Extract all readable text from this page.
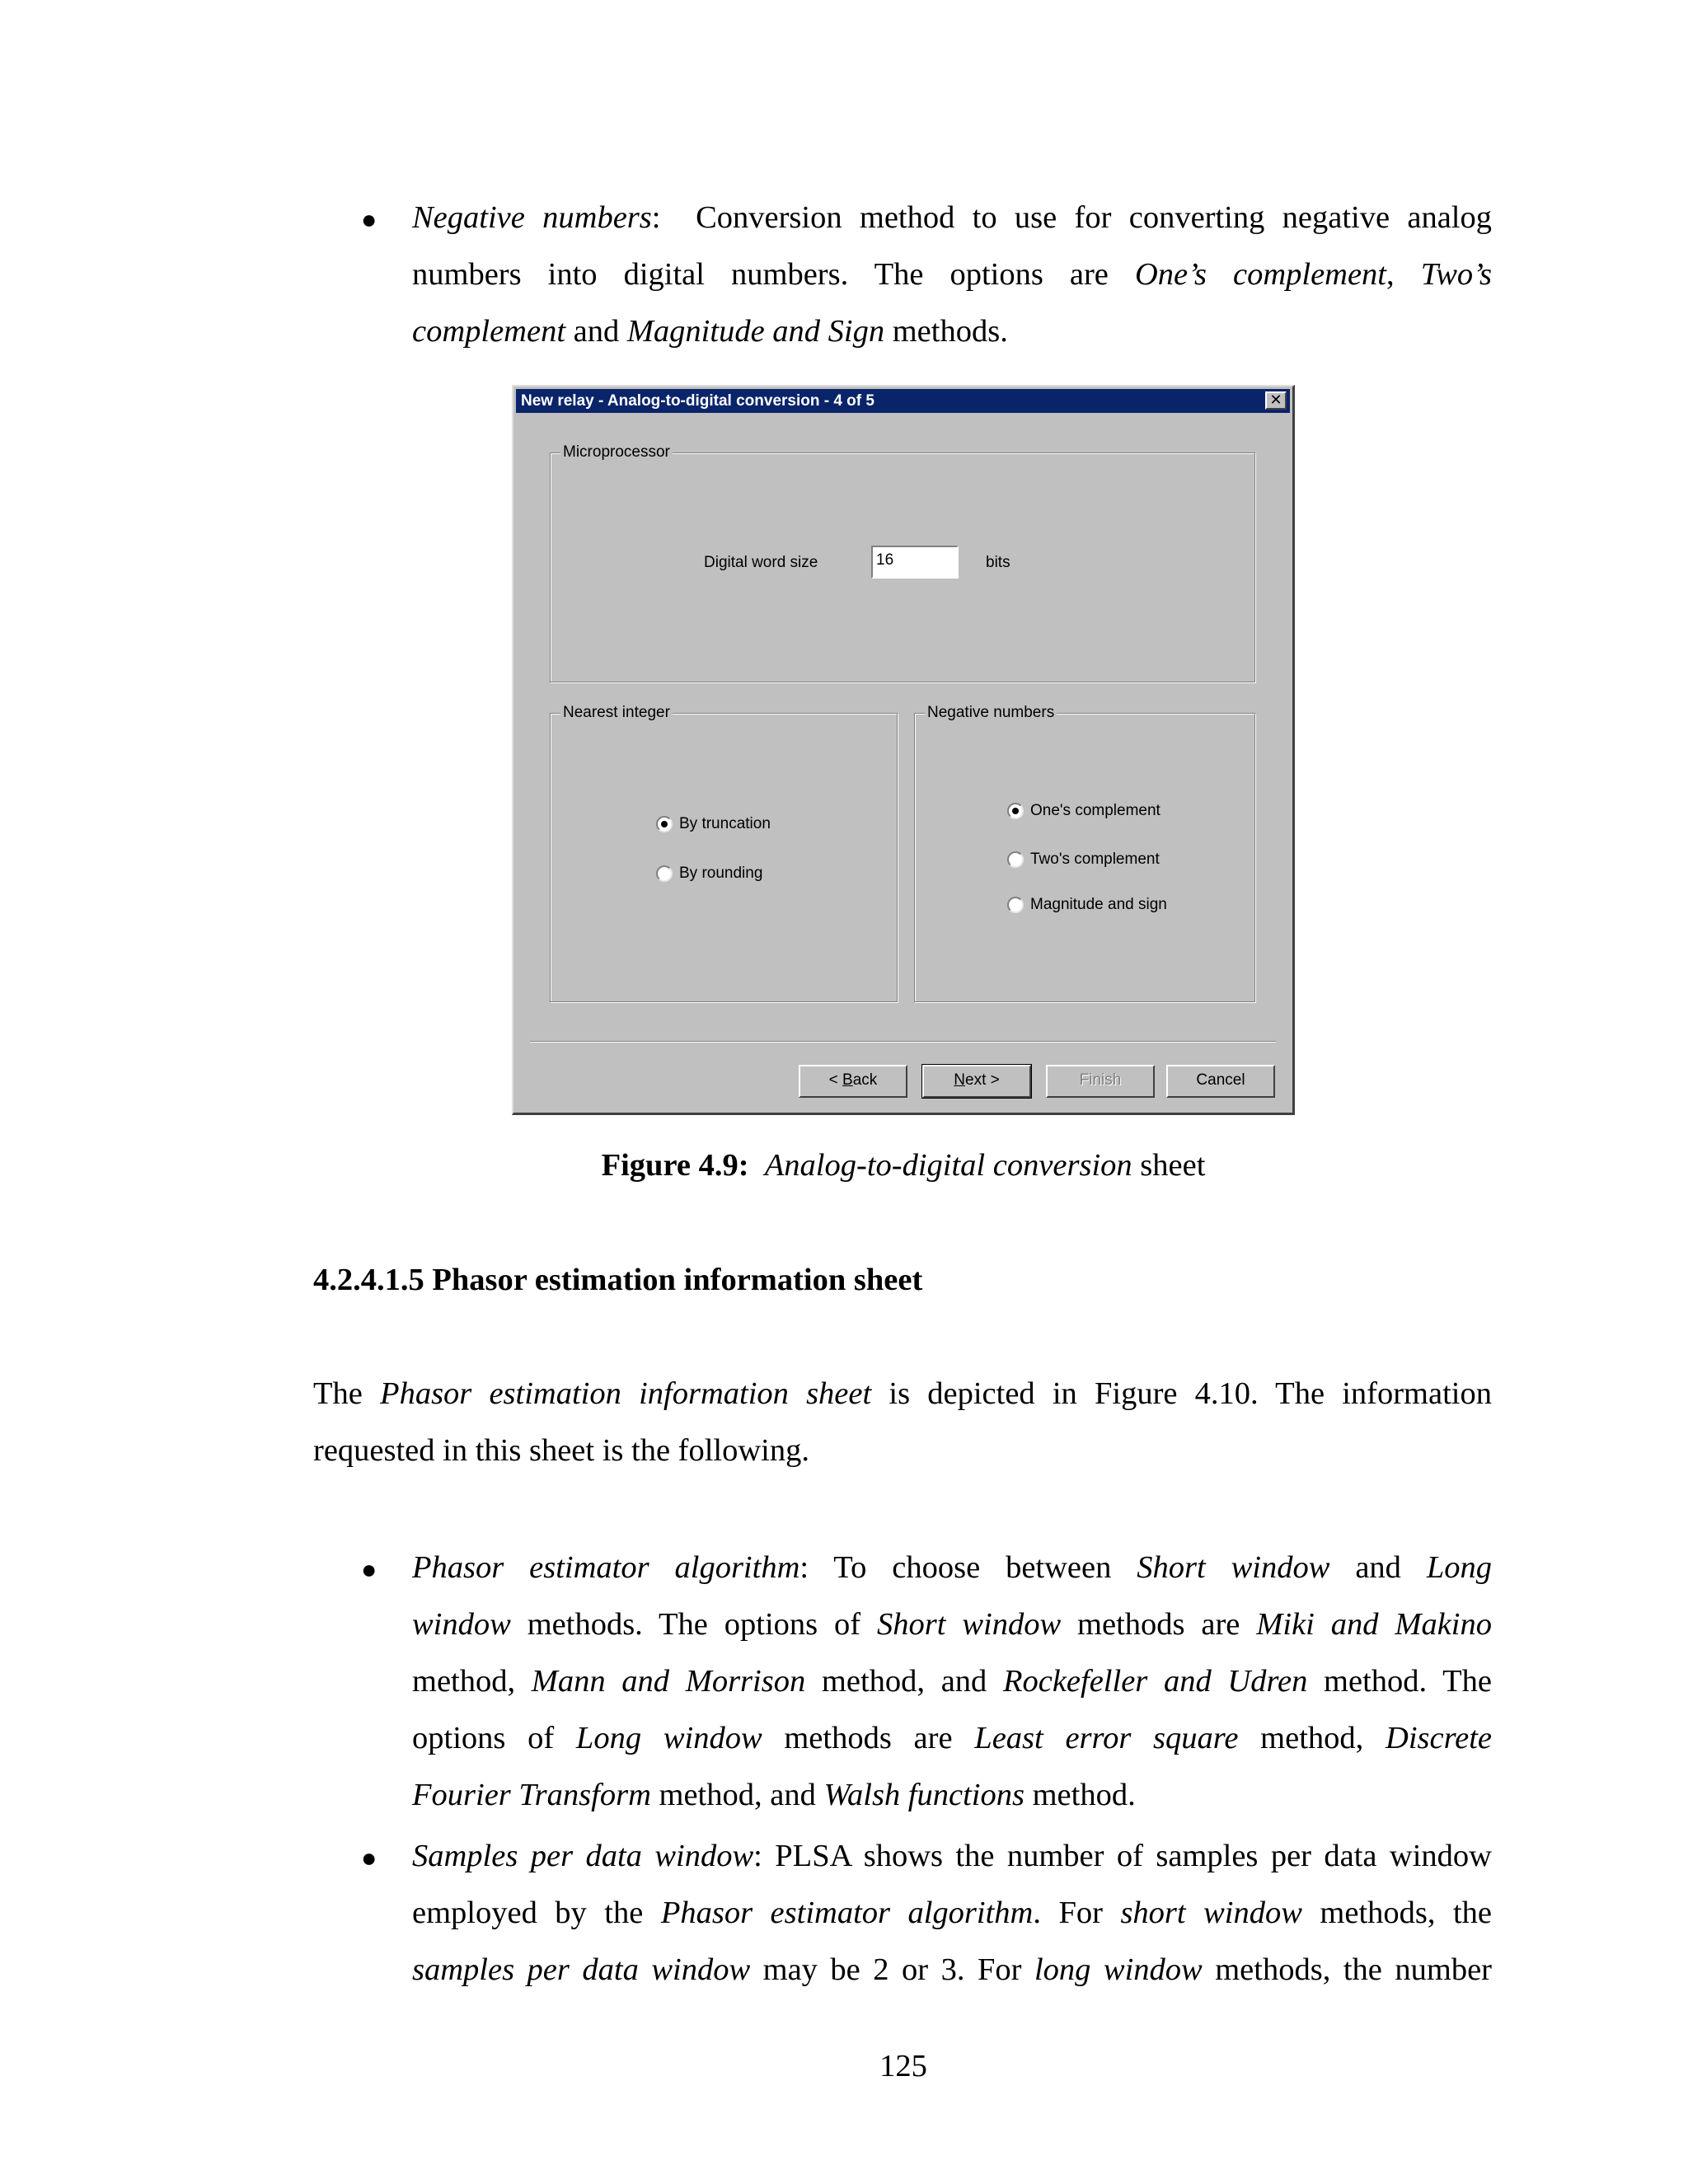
● Negative numbers:  Conversion method to use for converting negative analog
numbers into digital numbers. The options are One’s complement, Two’s
complement and Magnitude and Sign methods.
New relay - Analog-to-digital conversion - 4 of 5	✕
Microprocessor
Digital word size	16	bits
Nearest integer
By truncation
By rounding
Negative numbers
One's complement
Two's complement
Magnitude and sign
< Back	Next >	Finish	Cancel
Figure 4.9: Analog-to-digital conversion sheet
4.2.4.1.5 Phasor estimation information sheet
The Phasor estimation information sheet is depicted in Figure 4.10. The information
requested in this sheet is the following.
● Phasor estimator algorithm: To choose between Short window and Long
window methods. The options of Short window methods are Miki and Makino
method, Mann and Morrison method, and Rockefeller and Udren method. The
options of Long window methods are Least error square method, Discrete
Fourier Transform method, and Walsh functions method.
● Samples per data window: PLSA shows the number of samples per data window
employed by the Phasor estimator algorithm. For short window methods, the
samples per data window may be 2 or 3. For long window methods, the number
125
